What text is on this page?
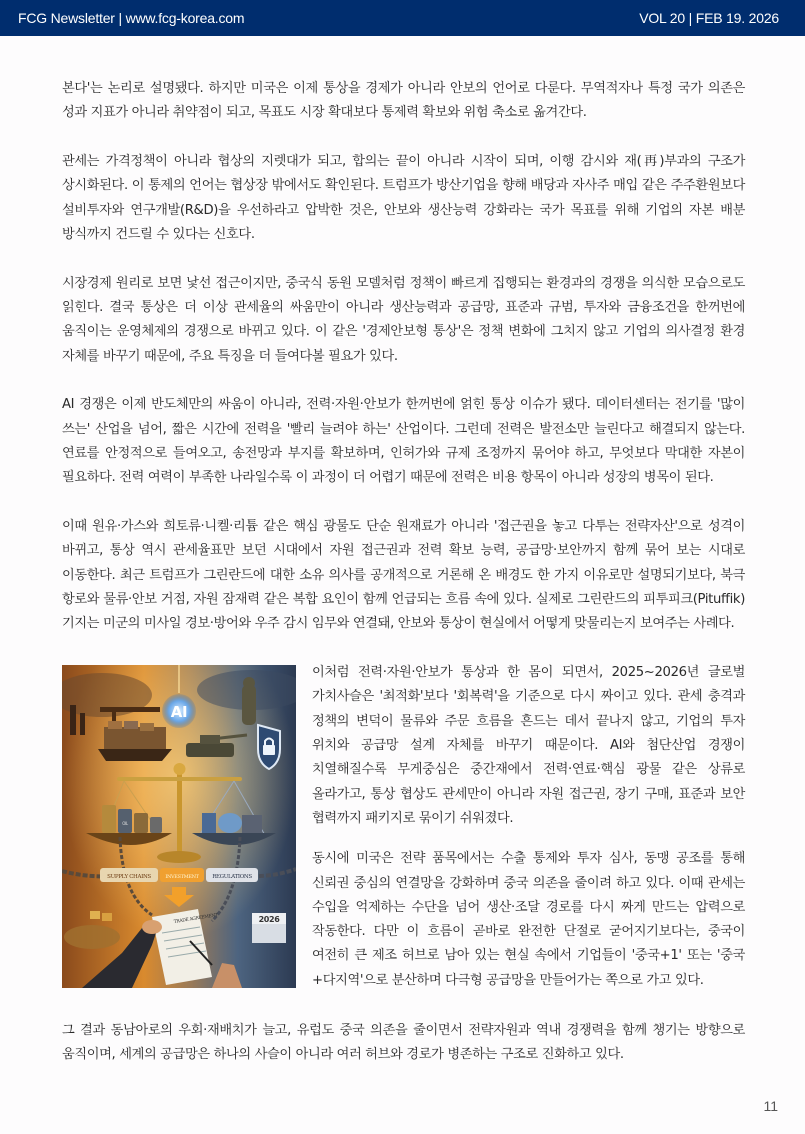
FCG Newsletter | www.fcg-korea.com	VOL 20 | FEB 19. 2026

본다'는 논리로 설명됐다. 하지만 미국은 이제 통상을 경제가 아니라 안보의 언어로 다룬다. 무역적자나 특정 국가 의존은 성과 지표가 아니라 취약점이 되고, 목표도 시장 확대보다 통제력 확보와 위험 축소로 옮겨간다.

관세는 가격정책이 아니라 협상의 지렛대가 되고, 합의는 끝이 아니라 시작이 되며, 이행 감시와 재(再)부과의 구조가 상시화된다. 이 통제의 언어는 협상장 밖에서도 확인된다. 트럼프가 방산기업을 향해 배당과 자사주 매입 같은 주주환원보다 설비투자와 연구개발(R&D)을 우선하라고 압박한 것은, 안보와 생산능력 강화라는 국가 목표를 위해 기업의 자본 배분 방식까지 건드릴 수 있다는 신호다.

시장경제 원리로 보면 낯선 접근이지만, 중국식 동원 모델처럼 정책이 빠르게 집행되는 환경과의 경쟁을 의식한 모습으로도 읽힌다. 결국 통상은 더 이상 관세율의 싸움만이 아니라 생산능력과 공급망, 표준과 규범, 투자와 금융조건을 한꺼번에 움직이는 운영체제의 경쟁으로 바뀌고 있다. 이 같은 '경제안보형 통상'은 정책 변화에 그치지 않고 기업의 의사결정 환경 자체를 바꾸기 때문에, 주요 특징을 더 들여다볼 필요가 있다.

AI 경쟁은 이제 반도체만의 싸움이 아니라, 전력·자원·안보가 한꺼번에 얽힌 통상 이슈가 됐다. 데이터센터는 전기를 '많이 쓰는' 산업을 넘어, 짧은 시간에 전력을 '빨리 늘려야 하는' 산업이다. 그런데 전력은 발전소만 늘린다고 해결되지 않는다. 연료를 안정적으로 들여오고, 송전망과 부지를 확보하며, 인허가와 규제 조정까지 묶어야 하고, 무엇보다 막대한 자본이 필요하다. 전력 여력이 부족한 나라일수록 이 과정이 더 어렵기 때문에 전력은 비용 항목이 아니라 성장의 병목이 된다.

이때 원유·가스와 희토류·니켈·리튬 같은 핵심 광물도 단순 원재료가 아니라 '접근권을 놓고 다투는 전략자산'으로 성격이 바뀌고, 통상 역시 관세율표만 보던 시대에서 자원 접근권과 전력 확보 능력, 공급망·보안까지 함께 묶어 보는 시대로 이동한다. 최근 트럼프가 그린란드에 대한 소유 의사를 공개적으로 거론해 온 배경도 한 가지 이유로만 설명되기보다, 북극 항로와 물류·안보 거점, 자원 잠재력 같은 복합 요인이 함께 언급되는 흐름 속에 있다. 실제로 그린란드의 피투피크(Pituffik) 기지는 미군의 미사일 경보·방어와 우주 감시 임무와 연결돼, 안보와 통상이 현실에서 어떻게 맞물리는지 보여주는 사례다.

AI
OIL
SUPPLY CHAINS	INVESTMENT REGULATIONS
TRADE AGREEMENT	2026

이처럼 전력·자원·안보가 통상과 한 몸이 되면서, 2025~2026년 글로벌 가치사슬은 '최적화'보다 '회복력'을 기준으로 다시 짜이고 있다. 관세 충격과 정책의 변덕이 물류와 주문 흐름을 흔드는 데서 끝나지 않고, 기업의 투자 위치와 공급망 설계 자체를 바꾸기 때문이다. AI와 첨단산업 경쟁이 치열해질수록 무게중심은 중간재에서 전력·연료·핵심 광물 같은 상류로 올라가고, 통상 협상도 관세만이 아니라 자원 접근권, 장기 구매, 표준과 보안 협력까지 패키지로 묶이기 쉬워졌다.

동시에 미국은 전략 품목에서는 수출 통제와 투자 심사, 동맹 공조를 통해 신뢰권 중심의 연결망을 강화하며 중국 의존을 줄이려 하고 있다. 이때 관세는 수입을 억제하는 수단을 넘어 생산·조달 경로를 다시 짜게 만드는 압력으로 작동한다. 다만 이 흐름이 곧바로 완전한 단절로 굳어지기보다는, 중국이 여전히 큰 제조 허브로 남아 있는 현실 속에서 기업들이 '중국+1' 또는 '중국+다지역'으로 분산하며 다극형 공급망을 만들어가는 쪽으로 가고 있다.

그 결과 동남아로의 우회·재배치가 늘고, 유럽도 중국 의존을 줄이면서 전략자원과 역내 경쟁력을 함께 챙기는 방향으로 움직이며, 세계의 공급망은 하나의 사슬이 아니라 여러 허브와 경로가 병존하는 구조로 진화하고 있다.

11
